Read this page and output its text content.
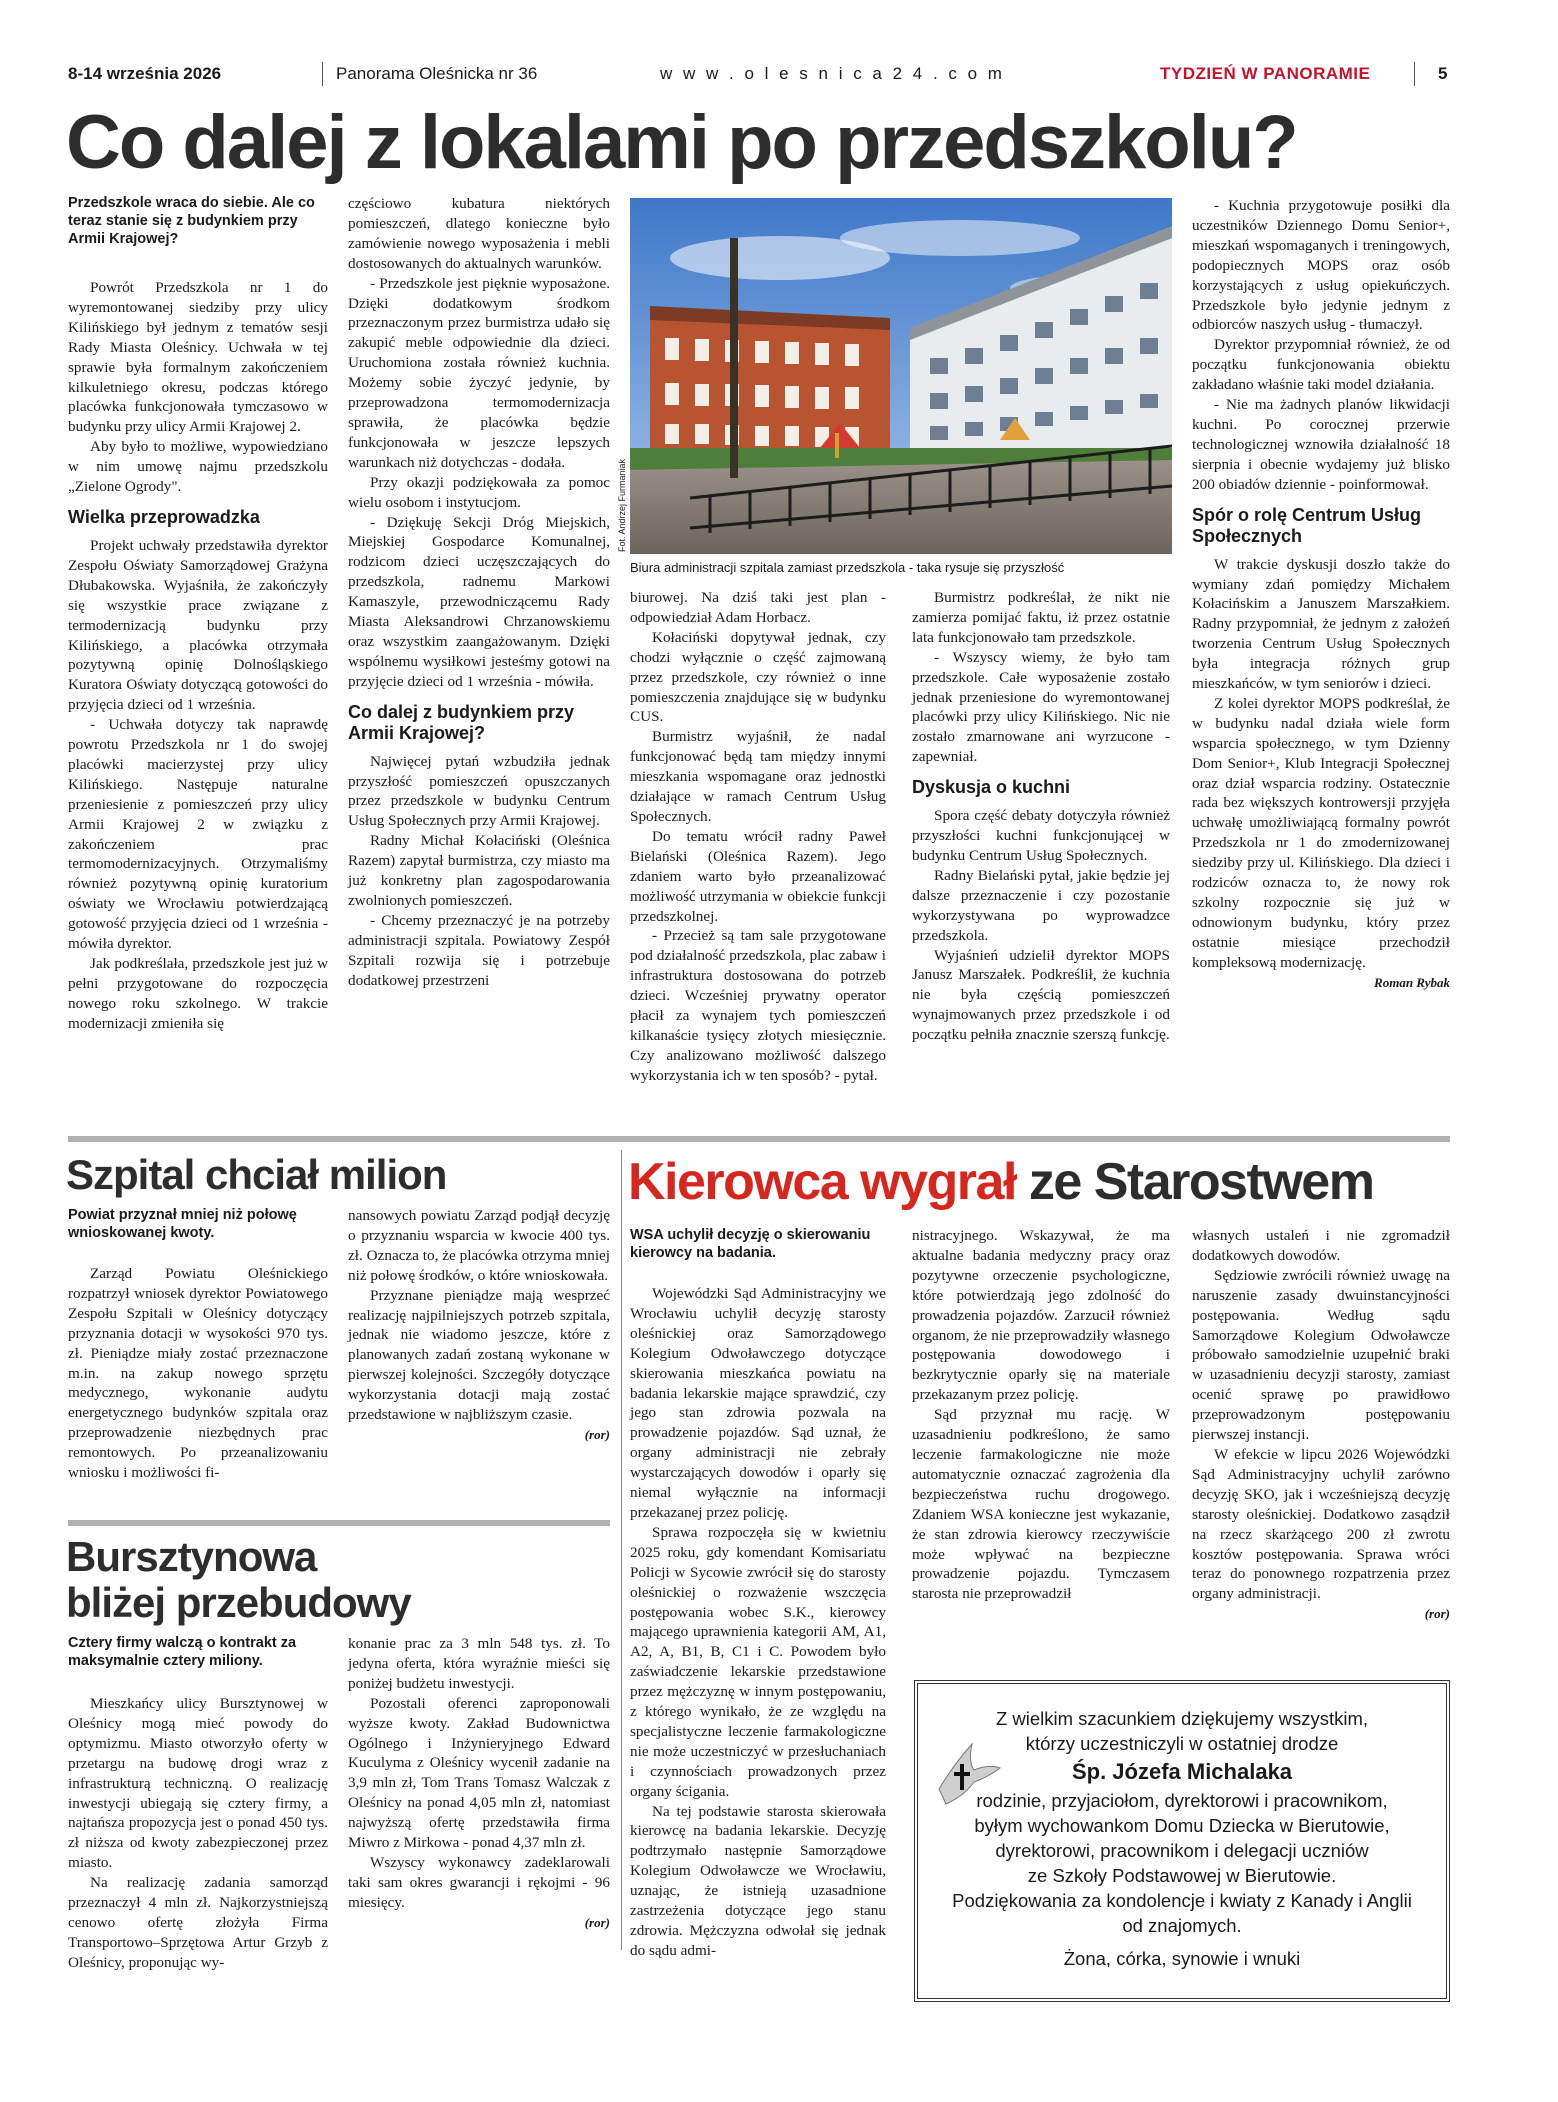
8-14 września 2026	Panorama Oleśnicka nr 36	w w w . o l e s n i c a 2 4 . c o m	TYDZIEŃ W PANORAMIE	5
Co dalej z lokalami po przedszkolu?
Przedszkole wraca do siebie. Ale co teraz stanie się z budynkiem przy Armii Krajowej?

Powrót Przedszkola nr 1 do wyremontowanej siedziby przy ulicy Kilińskiego był jednym z tematów sesji Rady Miasta Oleśnicy. Uchwała w tej sprawie była formalnym zakończeniem kilkuletniego okresu, podczas którego placówka funkcjonowała tymczasowo w budynku przy ulicy Armii Krajowej 2.

Aby było to możliwe, wypowiedziano w nim umowę najmu przedszkolu „Zielone Ogrody".

Wielka przeprowadzka

Projekt uchwały przedstawiła dyrektor Zespołu Oświaty Samorządowej Grażyna Dłubakowska. Wyjaśniła, że zakończyły się wszystkie prace związane z termodernizacją budynku przy Kilińskiego, a placówka otrzymała pozytywną opinię Dolnośląskiego Kuratora Oświaty dotyczącą gotowości do przyjęcia dzieci od 1 września.

- Uchwała dotyczy tak naprawdę powrotu Przedszkola nr 1 do swojej placówki macierzystej przy ulicy Kilińskiego. Następuje naturalne przeniesienie z pomieszczeń przy ulicy Armii Krajowej 2 w związku z zakończeniem prac termomodernizacyjnych. Otrzymaliśmy również pozytywną opinię kuratorium oświaty we Wrocławiu potwierdzającą gotowość przyjęcia dzieci od 1 września - mówiła dyrektor.

Jak podkreślała, przedszkole jest już w pełni przygotowane do rozpoczęcia nowego roku szkolnego. W trakcie modernizacji zmieniła się

częściowo kubatura niektórych pomieszczeń, dlatego konieczne było zamówienie nowego wyposażenia i mebli dostosowanych do aktualnych warunków.

- Przedszkole jest pięknie wyposażone. Dzięki dodatkowym środkom przeznaczonym przez burmistrza udało się zakupić meble odpowiednie dla dzieci. Uruchomiona została również kuchnia. Możemy sobie życzyć jedynie, by przeprowadzona termomodernizacja sprawiła, że placówka będzie funkcjonowała w jeszcze lepszych warunkach niż dotychczas - dodała.

Przy okazji podziękowała za pomoc wielu osobom i instytucjom.

- Dziękuję Sekcji Dróg Miejskich, Miejskiej Gospodarce Komunalnej, rodzicom dzieci uczęszczających do przedszkola, radnemu Markowi Kamaszyle, przewodniczącemu Rady Miasta Aleksandrowi Chrzanowskiemu oraz wszystkim zaangażowanym. Dzięki wspólnemu wysiłkowi jesteśmy gotowi na przyjęcie dzieci od 1 września - mówiła.

Co dalej z budynkiem przy Armii Krajowej?

Najwięcej pytań wzbudziła jednak przyszłość pomieszczeń opuszczanych przez przedszkole w budynku Centrum Usług Społecznych przy Armii Krajowej.

Radny Michał Kołaciński (Oleśnica Razem) zapytał burmistrza, czy miasto ma już konkretny plan zagospodarowania zwolnionych pomieszczeń.

- Chcemy przeznaczyć je na potrzeby administracji szpitala. Powiatowy Zespół Szpitali rozwija się i potrzebuje dodatkowej przestrzeni

Fot. Andrzej Furmaniak
Biura administracji szpitala zamiast przedszkola - taka rysuje się przyszłość

biurowej. Na dziś taki jest plan - odpowiedział Adam Horbacz.

Kołaciński dopytywał jednak, czy chodzi wyłącznie o część zajmowaną przez przedszkole, czy również o inne pomieszczenia znajdujące się w budynku CUS.

Burmistrz wyjaśnił, że nadal funkcjonować będą tam między innymi mieszkania wspomagane oraz jednostki działające w ramach Centrum Usług Społecznych.

Do tematu wrócił radny Paweł Bielański (Oleśnica Razem). Jego zdaniem warto było przeanalizować możliwość utrzymania w obiekcie funkcji przedszkolnej.

- Przecież są tam sale przygotowane pod działalność przedszkola, plac zabaw i infrastruktura dostosowana do potrzeb dzieci. Wcześniej prywatny operator płacił za wynajem tych pomieszczeń kilkanaście tysięcy złotych miesięcznie. Czy analizowano możliwość dalszego wykorzystania ich w ten sposób? - pytał.

Burmistrz podkreślał, że nikt nie zamierza pomijać faktu, iż przez ostatnie lata funkcjonowało tam przedszkole.

- Wszyscy wiemy, że było tam przedszkole. Całe wyposażenie zostało jednak przeniesione do wyremontowanej placówki przy ulicy Kilińskiego. Nic nie zostało zmarnowane ani wyrzucone - zapewniał.

Dyskusja o kuchni

Spora część debaty dotyczyła również przyszłości kuchni funkcjonującej w budynku Centrum Usług Społecznych.

Radny Bielański pytał, jakie będzie jej dalsze przeznaczenie i czy pozostanie wykorzystywana po wyprowadzce przedszkola.

Wyjaśnień udzielił dyrektor MOPS Janusz Marszałek. Podkreślił, że kuchnia nie była częścią pomieszczeń wynajmowanych przez przedszkole i od początku pełniła znacznie szerszą funkcję.

- Kuchnia przygotowuje posiłki dla uczestników Dziennego Domu Senior+, mieszkań wspomaganych i treningowych, podopiecznych MOPS oraz osób korzystających z usług opiekuńczych. Przedszkole było jedynie jednym z odbiorców naszych usług - tłumaczył.

Dyrektor przypomniał również, że od początku funkcjonowania obiektu zakładano właśnie taki model działania.

- Nie ma żadnych planów likwidacji kuchni. Po corocznej przerwie technologicznej wznowiła działalność 18 sierpnia i obecnie wydajemy już blisko 200 obiadów dziennie - poinformował.

Spór o rolę Centrum Usług Społecznych

W trakcie dyskusji doszło także do wymiany zdań pomiędzy Michałem Kołacińskim a Januszem Marszałkiem. Radny przypomniał, że jednym z założeń tworzenia Centrum Usług Społecznych była integracja różnych grup mieszkańców, w tym seniorów i dzieci.

Z kolei dyrektor MOPS podkreślał, że w budynku nadal działa wiele form wsparcia społecznego, w tym Dzienny Dom Senior+, Klub Integracji Społecznej oraz dział wsparcia rodziny. Ostatecznie rada bez większych kontrowersji przyjęła uchwałę umożliwiającą formalny powrót Przedszkola nr 1 do zmodernizowanej siedziby przy ul. Kilińskiego. Dla dzieci i rodziców oznacza to, że nowy rok szkolny rozpocznie się już w odnowionym budynku, który przez ostatnie miesiące przechodził kompleksową modernizację.

Roman Rybak
Szpital chciał milion
Powiat przyznał mniej niż połowę wnioskowanej kwoty.

Zarząd Powiatu Oleśnickiego rozpatrzył wniosek dyrektor Powiatowego Zespołu Szpitali w Oleśnicy dotyczący przyznania dotacji w wysokości 970 tys. zł. Pieniądze miały zostać przeznaczone m.in. na zakup nowego sprzętu medycznego, wykonanie audytu energetycznego budynków szpitala oraz przeprowadzenie niezbędnych prac remontowych. Po przeanalizowaniu wniosku i możliwości fi-

nansowych powiatu Zarząd podjął decyzję o przyznaniu wsparcia w kwocie 400 tys. zł. Oznacza to, że placówka otrzyma mniej niż połowę środków, o które wnioskowała.

Przyznane pieniądze mają wesprzeć realizację najpilniejszych potrzeb szpitala, jednak nie wiadomo jeszcze, które z planowanych zadań zostaną wykonane w pierwszej kolejności. Szczegóły dotyczące wykorzystania dotacji mają zostać przedstawione w najbliższym czasie.

(ror)
Bursztynowa
bliżej przebudowy
Cztery firmy walczą o kontrakt za maksymalnie cztery miliony.

Mieszkańcy ulicy Bursztynowej w Oleśnicy mogą mieć powody do optymizmu. Miasto otworzyło oferty w przetargu na budowę drogi wraz z infrastrukturą techniczną. O realizację inwestycji ubiegają się cztery firmy, a najtańsza propozycja jest o ponad 450 tys. zł niższa od kwoty zabezpieczonej przez miasto.

Na realizację zadania samorząd przeznaczył 4 mln zł. Najkorzystniejszą cenowo ofertę złożyła Firma Transportowo–Sprzętowa Artur Grzyb z Oleśnicy, proponując wy-

konanie prac za 3 mln 548 tys. zł. To jedyna oferta, która wyraźnie mieści się poniżej budżetu inwestycji.

Pozostali oferenci zaproponowali wyższe kwoty. Zakład Budownictwa Ogólnego i Inżynieryjnego Edward Kuculyma z Oleśnicy wycenił zadanie na 3,9 mln zł, Tom Trans Tomasz Walczak z Oleśnicy na ponad 4,05 mln zł, natomiast najwyższą ofertę przedstawiła firma Miwro z Mirkowa - ponad 4,37 mln zł.

Wszyscy wykonawcy zadeklarowali taki sam okres gwarancji i rękojmi - 96 miesięcy.

(ror)
Kierowca wygrał ze Starostwem
WSA uchylił decyzję o skierowaniu kierowcy na badania.

Wojewódzki Sąd Administracyjny we Wrocławiu uchylił decyzję starosty oleśnickiej oraz Samorządowego Kolegium Odwoławczego dotyczące skierowania mieszkańca powiatu na badania lekarskie mające sprawdzić, czy jego stan zdrowia pozwala na prowadzenie pojazdów. Sąd uznał, że organy administracji nie zebrały wystarczających dowodów i oparły się niemal wyłącznie na informacji przekazanej przez policję.

Sprawa rozpoczęła się w kwietniu 2025 roku, gdy komendant Komisariatu Policji w Sycowie zwrócił się do starosty oleśnickiej o rozważenie wszczęcia postępowania wobec S.K., kierowcy mającego uprawnienia kategorii AM, A1, A2, A, B1, B, C1 i C. Powodem było zaświadczenie lekarskie przedstawione przez mężczyznę w innym postępowaniu, z którego wynikało, że ze względu na specjalistyczne leczenie farmakologiczne nie może uczestniczyć w przesłuchaniach i czynnościach prowadzonych przez organy ścigania.

Na tej podstawie starosta skierowała kierowcę na badania lekarskie. Decyzję podtrzymało następnie Samorządowe Kolegium Odwoławcze we Wrocławiu, uznając, że istnieją uzasadnione zastrzeżenia dotyczące jego stanu zdrowia. Mężczyzna odwołał się jednak do sądu admi-

nistracyjnego. Wskazywał, że ma aktualne badania medyczny pracy oraz pozytywne orzeczenie psychologiczne, które potwierdzają jego zdolność do prowadzenia pojazdów. Zarzucił również organom, że nie przeprowadziły własnego postępowania dowodowego i bezkrytycznie oparły się na materiale przekazanym przez policję.

Sąd przyznał mu rację. W uzasadnieniu podkreślono, że samo leczenie farmakologiczne nie może automatycznie oznaczać zagrożenia dla bezpieczeństwa ruchu drogowego. Zdaniem WSA konieczne jest wykazanie, że stan zdrowia kierowcy rzeczywiście może wpływać na bezpieczne prowadzenie pojazdu. Tymczasem starosta nie przeprowadził

własnych ustaleń i nie zgromadził dodatkowych dowodów.

Sędziowie zwrócili również uwagę na naruszenie zasady dwuinstancyjności postępowania. Według sądu Samorządowe Kolegium Odwoławcze próbowało samodzielnie uzupełnić braki w uzasadnieniu decyzji starosty, zamiast ocenić sprawę po prawidłowo przeprowadzonym postępowaniu pierwszej instancji.

W efekcie w lipcu 2026 Wojewódzki Sąd Administracyjny uchylił zarówno decyzję SKO, jak i wcześniejszą decyzję starosty oleśnickiej. Dodatkowo zasądził na rzecz skarżącego 200 zł zwrotu kosztów postępowania. Sprawa wróci teraz do ponownego rozpatrzenia przez organy administracji.

(ror)
Z wielkim szacunkiem dziękujemy wszystkim,
którzy uczestniczyli w ostatniej drodze
Śp. Józefa Michalaka
rodzinie, przyjaciołom, dyrektorowi i pracownikom,
byłym wychowankom Domu Dziecka w Bierutowie,
dyrektorowi, pracownikom i delegacji uczniów
ze Szkoły Podstawowej w Bierutowie.
Podziękowania za kondolencje i kwiaty z Kanady i Anglii
od znajomych.
Żona, córka, synowie i wnuki
